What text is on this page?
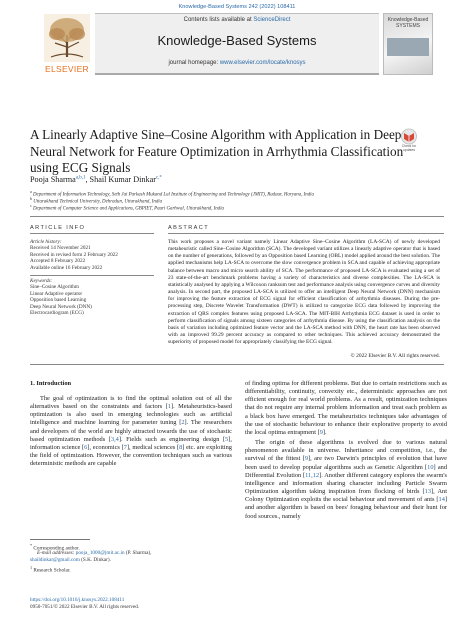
Knowledge-Based Systems 242 (2022) 108411
ELSEVIER
Contents lists available at ScienceDirect
Knowledge-Based Systems
journal homepage: www.elsevier.com/locate/knosys
Knowledge-Based SYSTEMS
A Linearly Adaptive Sine–Cosine Algorithm with Application in Deep Neural Network for Feature Optimization in Arrhythmia Classification using ECG Signals
Check for updates
Pooja Sharma$^{a,b,1}$, Shail Kumar Dinkar$^{c,*}$
$^a$ Department of Information Technology, Seth Jai Parkash Mukand Lal Institute of Engineering and Technology (JMIT), Radaur, Haryana, India
$^b$ Uttarakhand Technical University, Dehradun, Uttarakhand, India
$^c$ Department of Computer Science and Applications, GBPIET, Pauri Garhwal, Uttarakhand, India
ARTICLE INFO	ABSTRACT
Article history:
Received 14 November 2021
Received in revised form 2 February 2022
Accepted 8 February 2022
Available online 16 February 2022
Keywords:
Sine–Cosine Algorithm
Linear Adaptive operator
Opposition based Learning
Deep Neural Network (DNN)
Electrocardiogram (ECG)
This work proposes a novel variant namely Linear Adaptive Sine–Cosine Algorithm (LA-SCA) of newly developed metaheuristic called Sine–Cosine Algorithm (SCA). The developed variant utilizes a linearly adaptive operator that is based on the number of generations, followed by an Opposition based Learning (OBL) model applied around the best solution. The applied mechanisms help LA-SCA to overcome the slow convergence problem in SCA and capable of achieving appropriate balance between macro and micro search ability of SCA. The performance of proposed LA-SCA is evaluated using a set of 23 state-of-the-art benchmark problems having a variety of characteristics and diverse complexities. The LA-SCA is statistically analysed by applying a Wilcoxon ranksum test and performance analysis using convergence curves and diversity analysis. In second part, the proposed LA-SCA is utilized to offer an intelligent Deep Neural Network (DNN) mechanism for improving the feature extraction of ECG signal for efficient classification of arrhythmia diseases. During the pre-processing step, Discrete Wavelet Transformation (DWT) is utilized to categorize ECG data followed by improving the extraction of QRS complex features using proposed LA-SCA. The MIT-BIH Arrhythmia ECG dataset is used in order to perform classification of signals among sixteen categories of arrhythmia disease. By using the classification analysis on the basis of variation including optimized feature vector and the LA-SCA method with DNN, the heart rate has been observed with an improved 99.29 percent accuracy as compared to other techniques. This achieved accuracy demonstrated the superiority of proposed model for appropriately classifying the ECG signal.
© 2022 Elsevier B.V. All rights reserved.
1. Introduction

The goal of optimization is to find the optimal solution out of all the alternatives based on the constraints and factors [1]. Metaheuristics-based optimization is also used in emerging technologies such as artificial intelligence and machine learning for parameter tuning [2]. The researchers and developers of the world are highly attracted towards the use of stochastic based optimization methods [3,4]. Fields such as engineering design [5], information science [6], economics [7], medical sciences [8] etc. are exploiting the field of optimization. However, the convention techniques such as various deterministic methods are capable

of finding optima for different problems. But due to certain restrictions such as differentiability, continuity, convexity etc., deterministic approaches are not efficient enough for real world problems. As a result, optimization techniques that do not require any internal problem information and treat each problem as a black box have emerged. The metaheuristics techniques take advantages of the use of stochastic behaviour to enhance their explorative property to avoid the local optima entrapment [9].

The origin of these algorithms is evolved due to various natural phenomenon available in universe. Inheritance and competition, i.e., the survival of the fittest [9], are two Darwin's principles of evolution that have been used to develop popular algorithms such as Genetic Algorithm [10] and Differential Evolution [11,12]. Another different category explores the swarm's intelligence and information sharing character including Particle Swarm Optimization algorithm taking inspiration from flocking of birds [13], Ant Colony Optimization exploits the social behaviour and movement of ants [14] and another algorithm is based on bees' foraging behaviour and their hunt for food sources., namely

* Corresponding author.
E-mail addresses: pooja_1000@jmit.ac.in (P. Sharma),
shaildinkar@gmail.com (S.K. Dinkar).
$^1$ Research Scholar.
https://doi.org/10.1016/j.knosys.2022.108411
0950-7051/© 2022 Elsevier B.V. All rights reserved.
